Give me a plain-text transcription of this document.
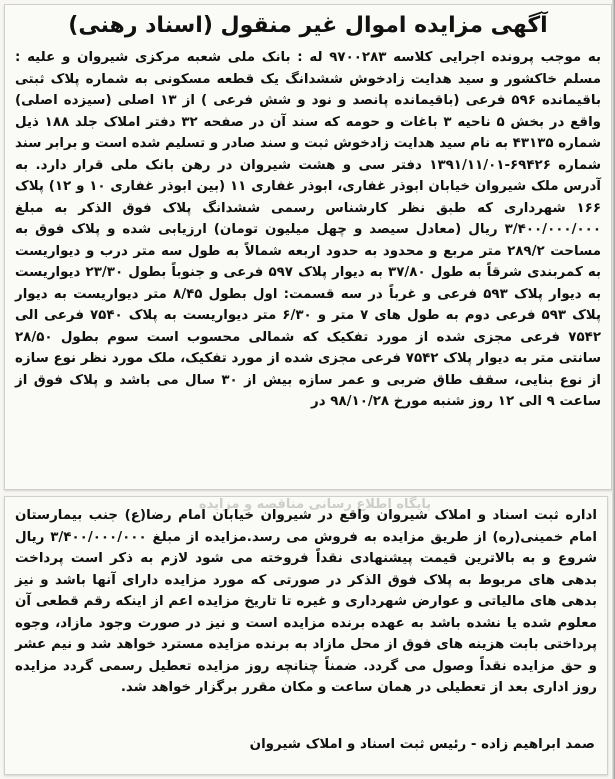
آگهی مزایده اموال غیر منقول (اسناد رهنی)
به موجب پرونده اجرایی کلاسه ۹۷۰۰۲۸۳ له : بانک ملی شعبه مرکزی شیروان و علیه : مسلم خاکشور و سید هدایت زادخوش ششدانگ یک قطعه مسکونی به شماره پلاک ثبتی باقیمانده ۵۹۶ فرعی (باقیمانده پانصد و نود و شش فرعی ) از ۱۳ اصلی (سیزده اصلی) واقع در بخش ۵ ناحیه ۳ باغات و حومه که سند آن در صفحه ۳۲ دفتر املاک جلد ۱۸۸ ذیل شماره ۴۳۱۳۵ به نام سید هدایت زادخوش ثبت و سند صادر و تسلیم شده است و برابر سند شماره ۶۹۴۲۶-۱۳۹۱/۱۱/۰۱ دفتر سی و هشت شیروان در رهن بانک ملی قرار دارد. به آدرس ملک شیروان خیابان ابوذر غفاری، ابوذر غفاری ۱۱ (بین ابوذر غفاری ۱۰ و ۱۲) پلاک ۱۶۶ شهرداری که طبق نظر کارشناس رسمی ششدانگ پلاک فوق الذکر به مبلغ ۳/۴۰۰/۰۰۰/۰۰۰ ریال (معادل سیصد و چهل میلیون تومان) ارزیابی شده و پلاک فوق به مساحت ۲۸۹/۲ متر مربع و محدود به حدود اربعه شمالاً به طول سه متر درب و دیواریست به کمربندی شرقاً به طول ۳۷/۸۰ به دیوار پلاک ۵۹۷ فرعی و جنوباً بطول ۲۳/۳۰ دیواریست به دیوار پلاک ۵۹۳ فرعی و غرباً در سه قسمت: اول بطول ۸/۴۵ متر دیواریست به دیوار پلاک ۵۹۳ فرعی دوم به طول های ۷ متر و ۶/۳۰ متر دیواریست به پلاک ۷۵۴۰ فرعی الی ۷۵۴۲ فرعی مجزی شده از مورد تفکیک که شمالی محسوب است سوم بطول ۲۸/۵۰ سانتی متر به دیوار پلاک ۷۵۴۲ فرعی مجزی شده از مورد تفکیک، ملک مورد نظر نوع سازه از نوع بنایی، سقف طاق ضربی و عمر سازه بیش از ۳۰ سال می باشد و پلاک فوق از ساعت ۹ الی ۱۲ روز شنبه مورخ ۹۸/۱۰/۲۸ در
پایگاه اطلاع رسانی مناقصه و مزایده
اداره ثبت اسناد و املاک شیروان واقع در شیروان خیابان امام رضا(ع) جنب بیمارستان امام خمینی(ره) از طریق مزایده به فروش می رسد.مزایده از مبلغ ۳/۴۰۰/۰۰۰/۰۰۰ ریال شروع و به بالاترین قیمت پیشنهادی نقداً فروخته می شود لازم به ذکر است پرداخت بدهی های مربوط به پلاک فوق الذکر در صورتی که مورد مزایده دارای آنها باشد و نیز بدهی های مالیاتی و عوارض شهرداری و غیره تا تاریخ مزایده اعم از اینکه رقم قطعی آن معلوم شده یا نشده باشد به عهده برنده مزایده است و نیز در صورت وجود مازاد، وجوه پرداختی بابت هزینه های فوق از محل مازاد به برنده مزایده مسترد خواهد شد و نیم عشر و حق مزایده نقداً وصول می گردد. ضمناً چنانچه روز مزایده تعطیل رسمی گردد مزایده روز اداری بعد از تعطیلی در همان ساعت و مکان مقرر برگزار خواهد شد.
صمد ابراهیم زاده - رئیس ثبت اسناد و املاک شیروان
